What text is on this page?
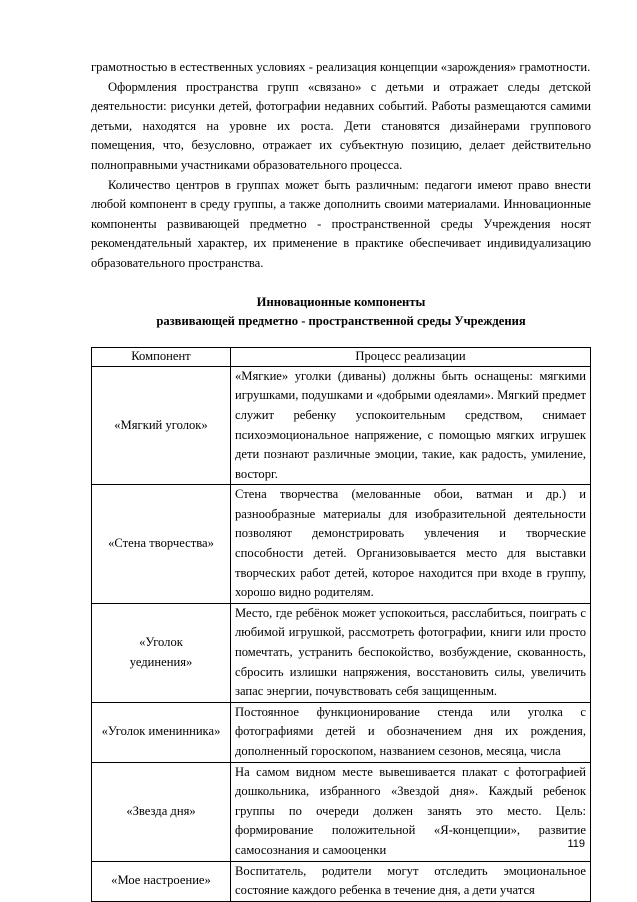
грамотностью в естественных условиях - реализация концепции «зарождения» грамотности.

Оформления пространства групп «связано» с детьми и отражает следы детской деятельности: рисунки детей, фотографии недавних событий. Работы размещаются самими детьми, находятся на уровне их роста. Дети становятся дизайнерами группового помещения, что, безусловно, отражает их субъектную позицию, делает действительно полноправными участниками образовательного процесса.

Количество центров в группах может быть различным: педагоги имеют право внести любой компонент в среду группы, а также дополнить своими материалами. Инновационные компоненты развивающей предметно - пространственной среды Учреждения носят рекомендательный характер, их применение в практике обеспечивает индивидуализацию образовательного пространства.

Инновационные компоненты
развивающей предметно - пространственной среды Учреждения
Компонент	Процесс реализации
«Мягкий уголок»	«Мягкие» уголки (диваны) должны быть оснащены: мягкими игрушками, подушками и «добрыми одеялами». Мягкий предмет служит ребенку успокоительным средством, снимает психоэмоциональное напряжение, с помощью мягких игрушек дети познают различные эмоции, такие, как радость, умиление, восторг.
«Стена творчества»	Стена творчества (мелованные обои, ватман и др.) и разнообразные материалы для изобразительной деятельности позволяют демонстрировать увлечения и творческие способности детей. Организовывается место для выставки творческих работ детей, которое находится при входе в группу, хорошо видно родителям.
«Уголок уединения»	Место, где ребёнок может успокоиться, расслабиться, поиграть с любимой игрушкой, рассмотреть фотографии, книги или просто помечтать, устранить беспокойство, возбуждение, скованность, сбросить излишки напряжения, восстановить силы, увеличить запас энергии, почувствовать себя защищенным.
«Уголок именинника»	Постоянное функционирование стенда или уголка с фотографиями детей и обозначением дня их рождения, дополненный гороскопом, названием сезонов, месяца, числа
«Звезда дня»	На самом видном месте вывешивается плакат с фотографией дошкольника, избранного «Звездой дня». Каждый ребенок группы по очереди должен занять это место. Цель: формирование положительной «Я-концепции», развитие самосознания и самооценки
«Мое настроение»	Воспитатель, родители могут отследить эмоциональное состояние каждого ребенка в течение дня, а дети учатся
119
